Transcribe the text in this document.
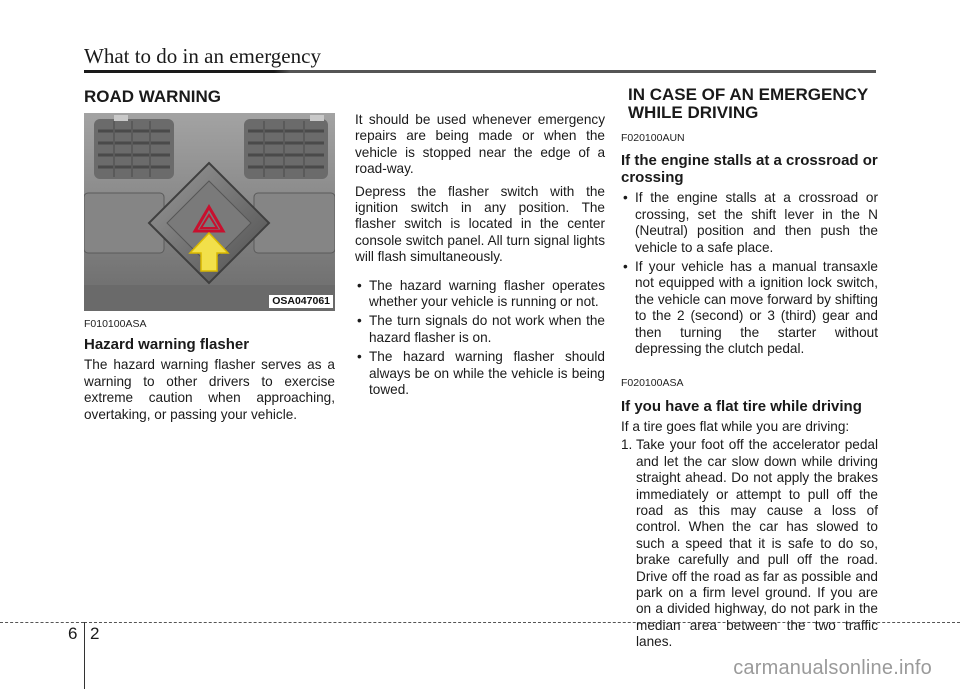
What to do in an emergency
ROAD WARNING
OSA047061

F010100ASA

Hazard warning flasher

The hazard warning flasher serves as a warning to other drivers to exercise extreme caution when approaching, overtaking, or passing your vehicle.

It should be used whenever emergency repairs are being made or when the vehicle is stopped near the edge of a road-way.

Depress the flasher switch with the ignition switch in any position. The flasher switch is located in the center console switch panel. All turn signal lights will flash simultaneously.

• The hazard warning flasher operates whether your vehicle is running or not.
• The turn signals do not work when the hazard flasher is on.
• The hazard warning flasher should always be on while the vehicle is being towed.
IN CASE OF AN EMERGENCY
WHILE DRIVING

F020100AUN

If the engine stalls at a crossroad or crossing

• If the engine stalls at a crossroad or crossing, set the shift lever in the N (Neutral) position and then push the vehicle to a safe place.
• If your vehicle has a manual transaxle not equipped with a ignition lock switch, the vehicle can move forward by shifting to the 2 (second) or 3 (third) gear and then turning the starter without depressing the clutch pedal.

F020100ASA

If you have a flat tire while driving

If a tire goes flat while you are driving:

1. Take your foot off the accelerator pedal and let the car slow down while driving straight ahead. Do not apply the brakes immediately or attempt to pull off the road as this may cause a loss of control. When the car has slowed to such a speed that it is safe to do so, brake carefully and pull off the road. Drive off the road as far as possible and park on a firm level ground. If you are on a divided highway, do not park in the median area between the two traffic lanes.
6 2
carmanualsonline.info
